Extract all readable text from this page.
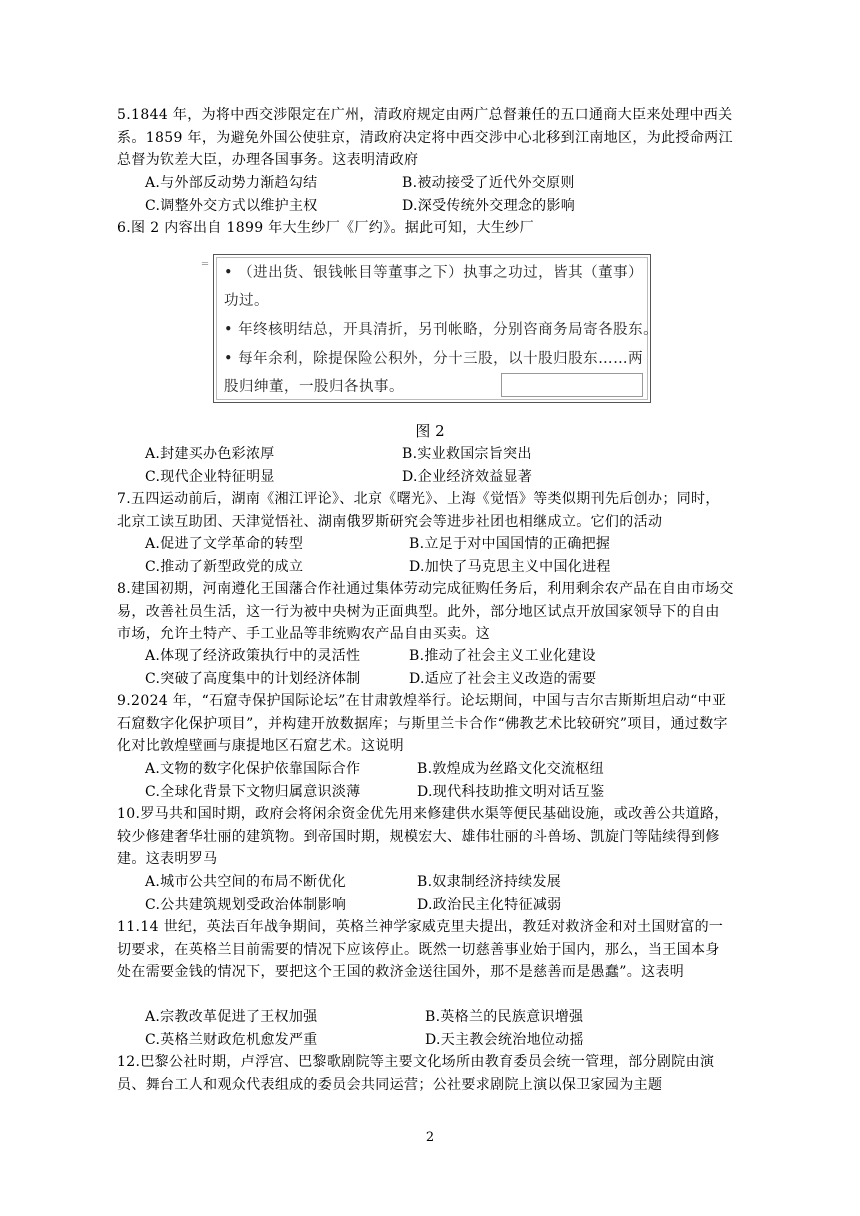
5.1844 年，为将中西交涉限定在广州，清政府规定由两广总督兼任的五口通商大臣来处理中西关系。1859 年，为避免外国公使驻京，清政府决定将中西交涉中心北移到江南地区，为此授命两江总督为钦差大臣，办理各国事务。这表明清政府

A.与外部反动势力渐趋勾结	B.被动接受了近代外交原则
C.调整外交方式以维护主权	D.深受传统外交理念的影响

6.图 2 内容出自 1899 年大生纱厂《厂约》。据此可知，大生纱厂

═
• （进出货、银钱帐目等董事之下）执事之功过，皆其（董事）
功过。
• 年终核明结总，开具清折，另刊帐略，分别咨商务局寄各股东。
• 每年余利，除提保险公积外，分十三股，以十股归股东……两
股归绅董，一股归各执事。
图 2
A.封建买办色彩浓厚	B.实业救国宗旨突出
C.现代企业特征明显	D.企业经济效益显著

7.五四运动前后，湖南《湘江评论》、北京《曙光》、上海《觉悟》等类似期刊先后创办；同时，北京工读互助团、天津觉悟社、湖南俄罗斯研究会等进步社团也相继成立。它们的活动

A.促进了文学革命的转型	B.立足于对中国国情的正确把握
C.推动了新型政党的成立	D.加快了马克思主义中国化进程

8.建国初期，河南遵化王国藩合作社通过集体劳动完成征购任务后，利用剩余农产品在自由市场交易，改善社员生活，这一行为被中央树为正面典型。此外，部分地区试点开放国家领导下的自由市场，允许土特产、手工业品等非统购农产品自由买卖。这

A.体现了经济政策执行中的灵活性	B.推动了社会主义工业化建设
C.突破了高度集中的计划经济体制	D.适应了社会主义改造的需要

9.2024 年，“石窟寺保护国际论坛”在甘肃敦煌举行。论坛期间，中国与吉尔吉斯斯坦启动“中亚石窟数字化保护项目”，并构建开放数据库；与斯里兰卡合作“佛教艺术比较研究”项目，通过数字化对比敦煌壁画与康提地区石窟艺术。这说明

A.文物的数字化保护依靠国际合作	B.敦煌成为丝路文化交流枢纽
C.全球化背景下文物归属意识淡薄	D.现代科技助推文明对话互鉴

10.罗马共和国时期，政府会将闲余资金优先用来修建供水渠等便民基础设施，或改善公共道路，较少修建奢华壮丽的建筑物。到帝国时期，规模宏大、雄伟壮丽的斗兽场、凯旋门等陆续得到修建。这表明罗马

A.城市公共空间的布局不断优化	B.奴隶制经济持续发展
C.公共建筑规划受政治体制影响	D.政治民主化特征减弱

11.14 世纪，英法百年战争期间，英格兰神学家威克里夫提出，教廷对救济金和对土国财富的一切要求，在英格兰目前需要的情况下应该停止。既然一切慈善事业始于国内，那么，当王国本身处在需要金钱的情况下，要把这个王国的救济金送往国外，那不是慈善而是愚蠢”。这表明

A.宗教改革促进了王权加强	B.英格兰的民族意识增强
C.英格兰财政危机愈发严重	D.天主教会统治地位动摇

12.巴黎公社时期，卢浮宫、巴黎歌剧院等主要文化场所由教育委员会统一管理，部分剧院由演员、舞台工人和观众代表组成的委员会共同运营；公社要求剧院上演以保卫家园为主题

2
